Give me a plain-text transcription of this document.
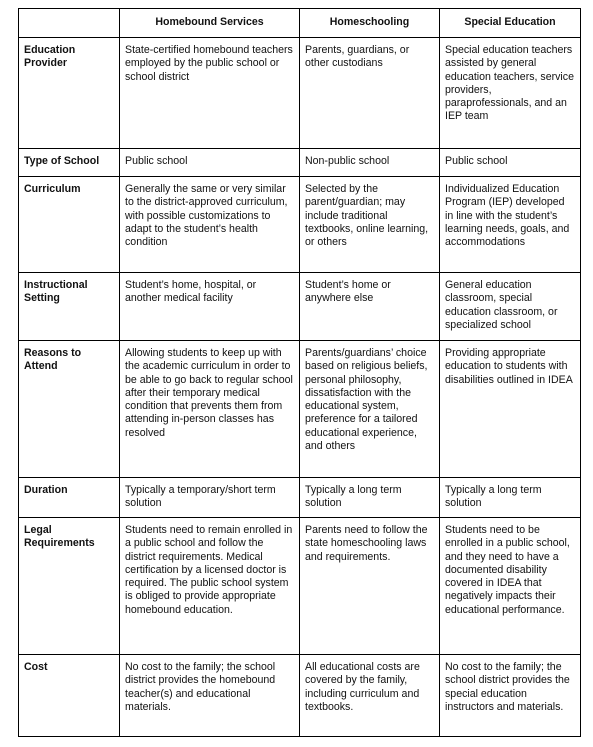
	Homebound Services	Homeschooling	Special Education
Education Provider	State-certified homebound teachers employed by the public school or school district	Parents, guardians, or other custodians	Special education teachers assisted by general education teachers, service providers, paraprofessionals, and an IEP team
Type of School	Public school	Non-public school	Public school
Curriculum	Generally the same or very similar to the district-approved curriculum, with possible customizations to adapt to the student’s health condition	Selected by the parent/guardian; may include traditional textbooks, online learning, or others	Individualized Education Program (IEP) developed in line with the student’s learning needs, goals, and accommodations
Instructional Setting	Student’s home, hospital, or another medical facility	Student’s home or anywhere else	General education classroom, special education classroom, or specialized school
Reasons to Attend	Allowing students to keep up with the academic curriculum in order to be able to go back to regular school after their temporary medical condition that prevents them from attending in-person classes has resolved	Parents/guardians’ choice based on religious beliefs, personal philosophy, dissatisfaction with the educational system, preference for a tailored educational experience, and others	Providing appropriate education to students with disabilities outlined in IDEA
Duration	Typically a temporary/short term solution	Typically a long term solution	Typically a long term solution
Legal Requirements	Students need to remain enrolled in a public school and follow the district requirements. Medical certification by a licensed doctor is required. The public school system is obliged to provide appropriate homebound education.	Parents need to follow the state homeschooling laws and requirements.	Students need to be enrolled in a public school, and they need to have a documented disability covered in IDEA that negatively impacts their educational performance.
Cost	No cost to the family; the school district provides the homebound teacher(s) and educational materials.	All educational costs are covered by the family, including curriculum and textbooks.	No cost to the family; the school district provides the special education instructors and materials.
